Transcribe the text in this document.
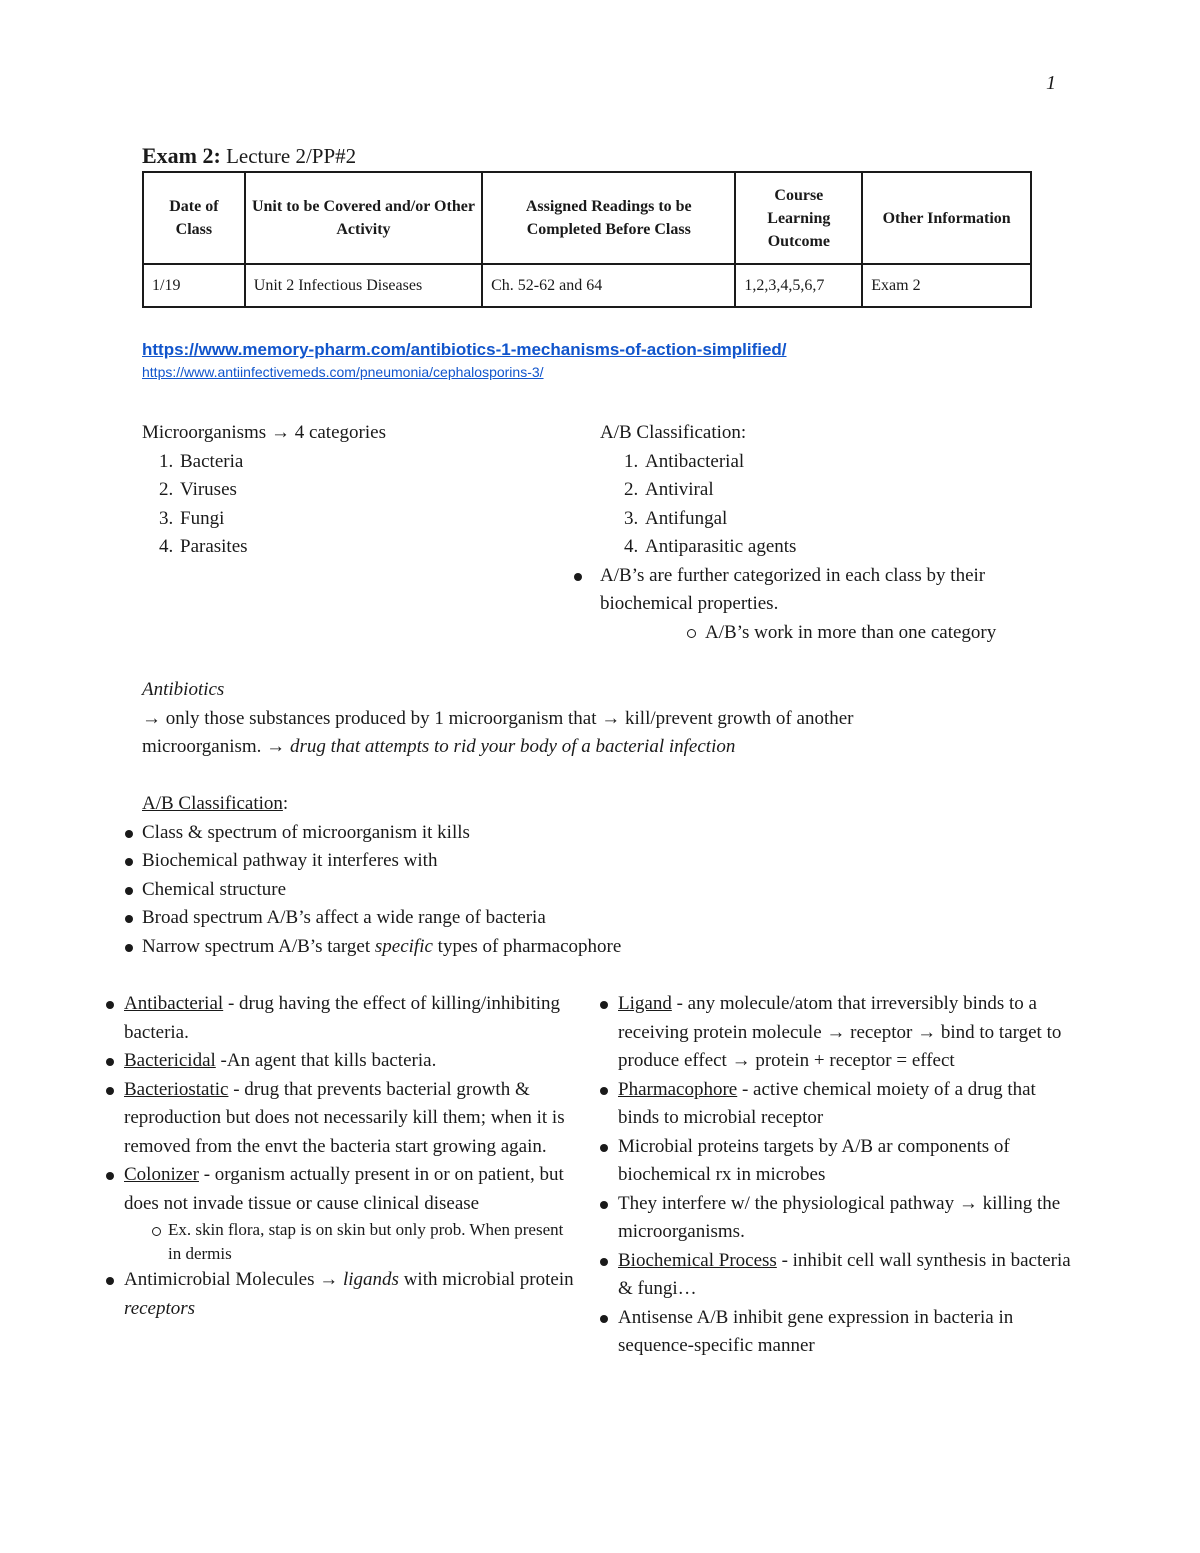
1
Exam 2: Lecture 2/PP#2
Date of Class	Unit to be Covered and/or Other Activity	Assigned Readings to be Completed Before Class	Course Learning Outcome	Other Information
1/19	Unit 2 Infectious Diseases	Ch. 52-62 and 64	1,2,3,4,5,6,7	Exam 2
https://www.memory-pharm.com/antibiotics-1-mechanisms-of-action-simplified/
https://www.antiinfectivemeds.com/pneumonia/cephalosporins-3/
Microorganisms → 4 categories
1. Bacteria
2. Viruses
3. Fungi
4. Parasites
A/B Classification:
1. Antibacterial
2. Antiviral
3. Antifungal
4. Antiparasitic agents
A/B’s are further categorized in each class by their biochemical properties.
A/B’s work in more than one category
Antibiotics
→ only those substances produced by 1 microorganism that → kill/prevent growth of another
microorganism. → drug that attempts to rid your body of a bacterial infection
A/B Classification:
Class & spectrum of microorganism it kills
Biochemical pathway it interferes with
Chemical structure
Broad spectrum A/B’s affect a wide range of bacteria
Narrow spectrum A/B’s target specific types of pharmacophore
Antibacterial - drug having the effect of killing/inhibiting bacteria.
Bactericidal -An agent that kills bacteria.
Bacteriostatic - drug that prevents bacterial growth & reproduction but does not necessarily kill them; when it is removed from the envt the bacteria start growing again.
Colonizer - organism actually present in or on patient, but does not invade tissue or cause clinical disease
Ex. skin flora, stap is on skin but only prob. When present in dermis
Antimicrobial Molecules → ligands with microbial protein receptors
Ligand - any molecule/atom that irreversibly binds to a receiving protein molecule → receptor → bind to target to produce effect → protein + receptor = effect
Pharmacophore - active chemical moiety of a drug that binds to microbial receptor
Microbial proteins targets by A/B ar components of biochemical rx in microbes
They interfere w/ the physiological pathway → killing the microorganisms.
Biochemical Process - inhibit cell wall synthesis in bacteria & fungi…
Antisense A/B inhibit gene expression in bacteria in sequence-specific manner
